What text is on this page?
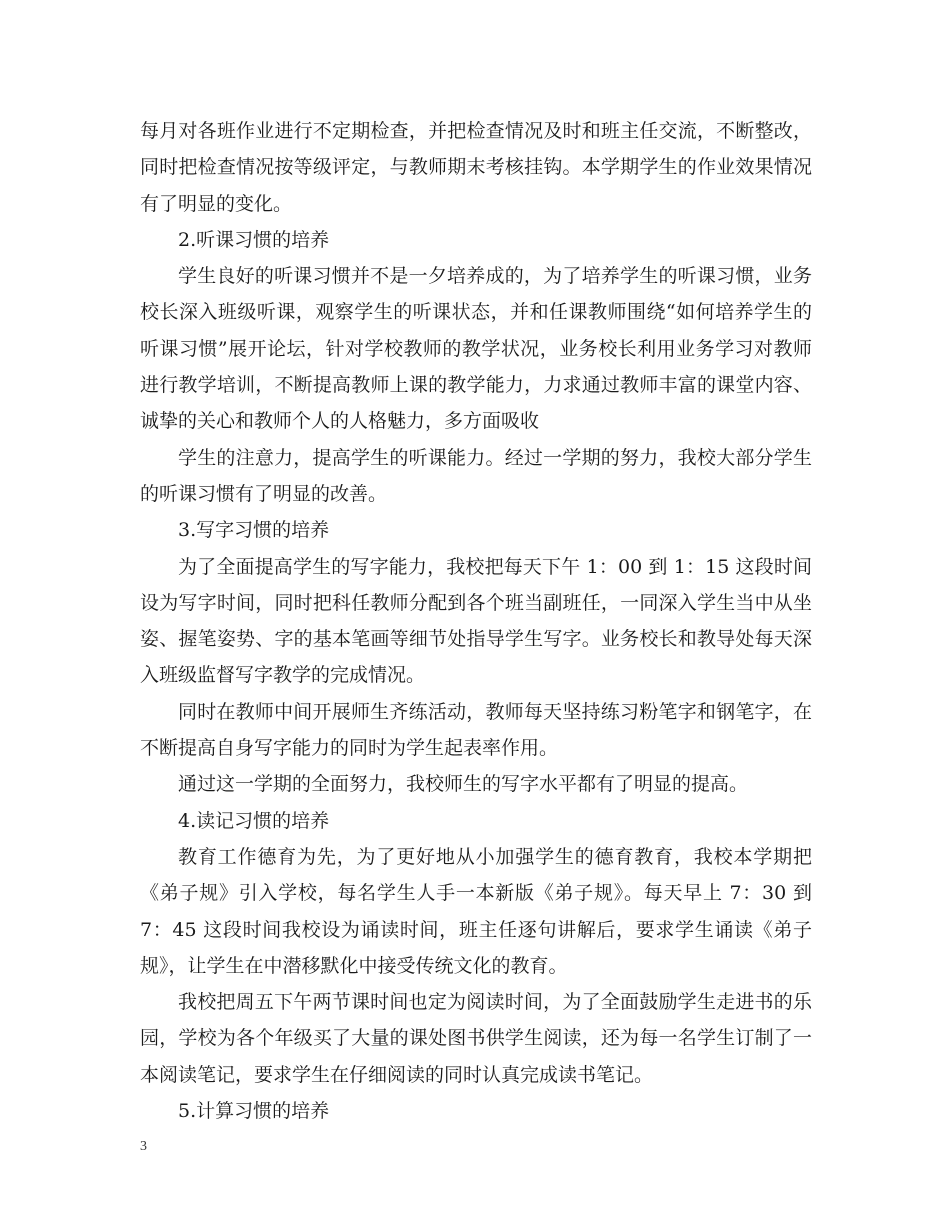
每月对各班作业进行不定期检查，并把检查情况及时和班主任交流，不断整改，同时把检查情况按等级评定，与教师期末考核挂钩。本学期学生的作业效果情况有了明显的变化。

2.听课习惯的培养

学生良好的听课习惯并不是一夕培养成的，为了培养学生的听课习惯，业务校长深入班级听课，观察学生的听课状态，并和任课教师围绕“如何培养学生的听课习惯”展开论坛，针对学校教师的教学状况，业务校长利用业务学习对教师进行教学培训，不断提高教师上课的教学能力，力求通过教师丰富的课堂内容、诚挚的关心和教师个人的人格魅力，多方面吸收

学生的注意力，提高学生的听课能力。经过一学期的努力，我校大部分学生的听课习惯有了明显的改善。

3.写字习惯的培养

为了全面提高学生的写字能力，我校把每天下午 1：00 到 1：15 这段时间设为写字时间，同时把科任教师分配到各个班当副班任，一同深入学生当中从坐姿、握笔姿势、字的基本笔画等细节处指导学生写字。业务校长和教导处每天深入班级监督写字教学的完成情况。

同时在教师中间开展师生齐练活动，教师每天坚持练习粉笔字和钢笔字，在不断提高自身写字能力的同时为学生起表率作用。

通过这一学期的全面努力，我校师生的写字水平都有了明显的提高。

4.读记习惯的培养

教育工作德育为先，为了更好地从小加强学生的德育教育，我校本学期把《弟子规》引入学校，每名学生人手一本新版《弟子规》。每天早上 7：30 到 7：45 这段时间我校设为诵读时间，班主任逐句讲解后，要求学生诵读《弟子规》，让学生在中潜移默化中接受传统文化的教育。

我校把周五下午两节课时间也定为阅读时间，为了全面鼓励学生走进书的乐园，学校为各个年级买了大量的课处图书供学生阅读，还为每一名学生订制了一本阅读笔记，要求学生在仔细阅读的同时认真完成读书笔记。

5.计算习惯的培养

3
